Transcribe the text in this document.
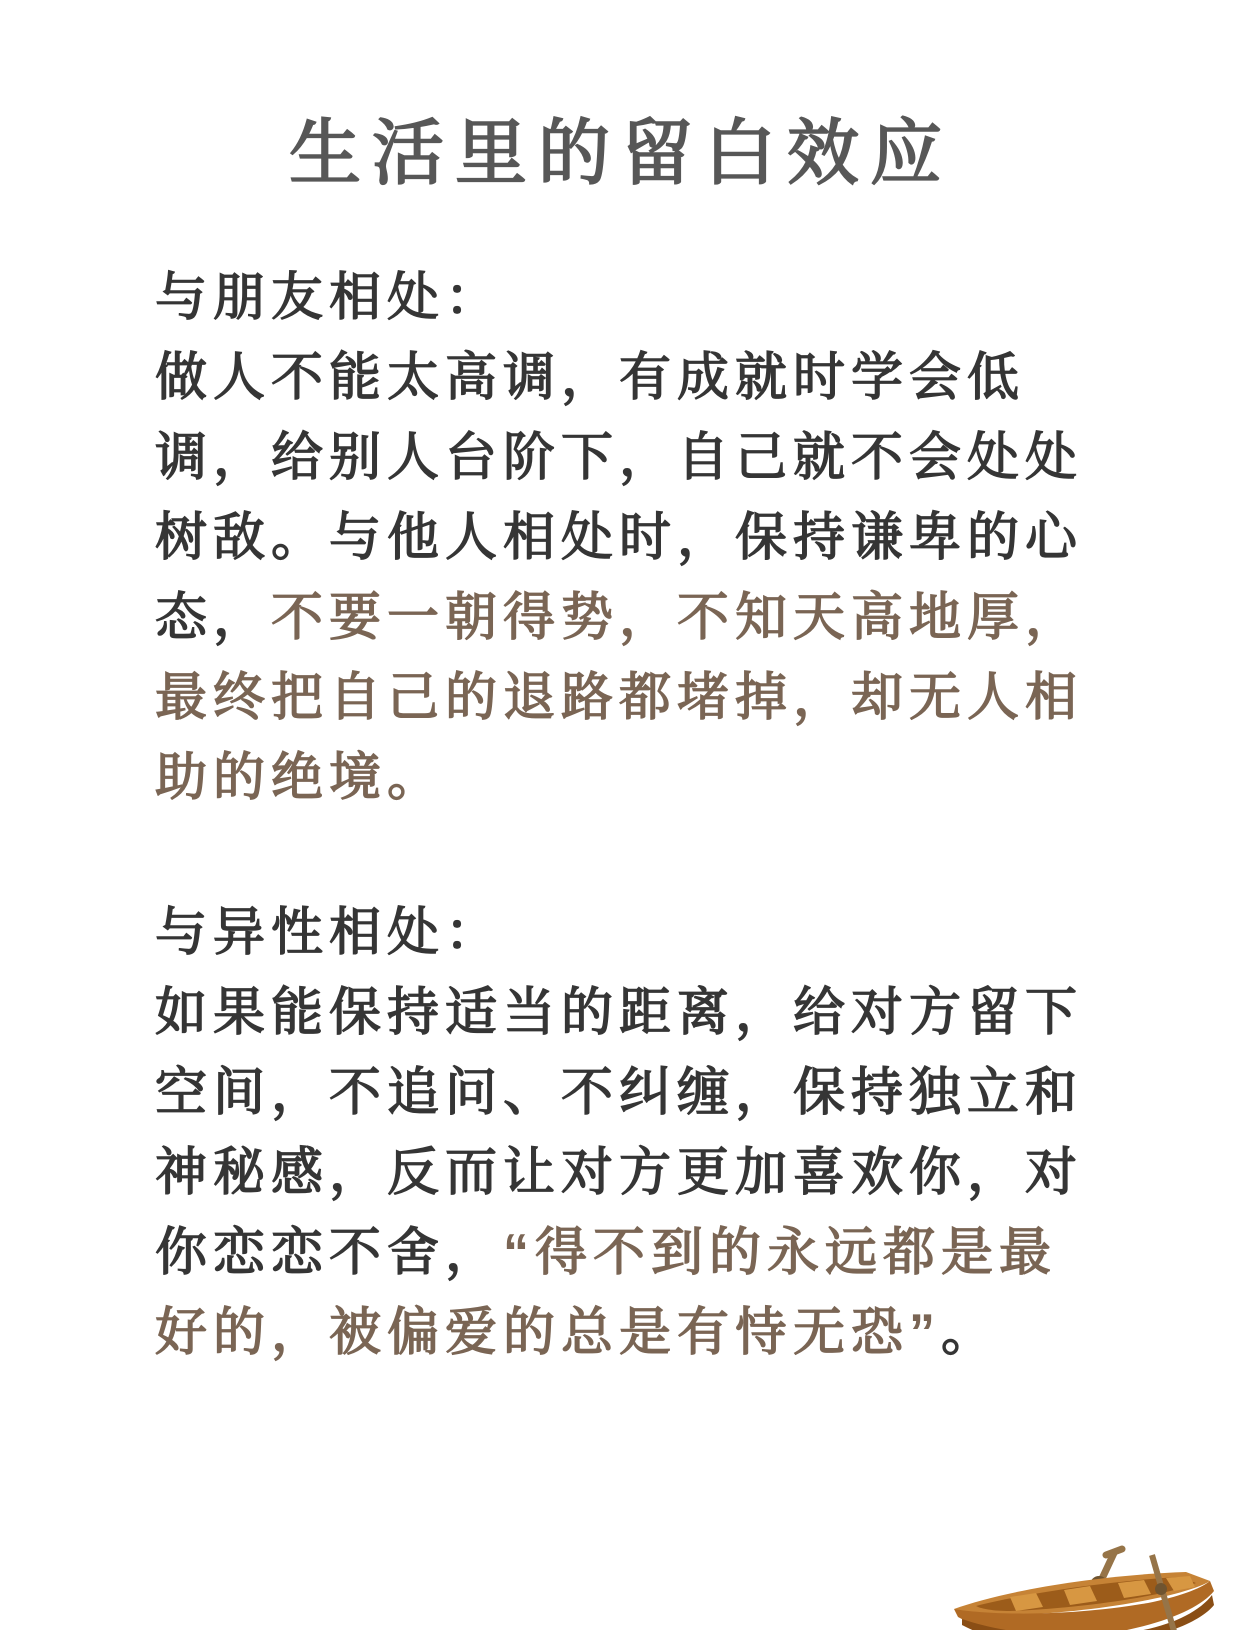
生活里的留白效应
与朋友相处：
做人不能太高调，有成就时学会低
调，给别人台阶下，自己就不会处处
树敌。与他人相处时，保持谦卑的心
态，不要一朝得势，不知天高地厚，
最终把自己的退路都堵掉，却无人相
助的绝境。
与异性相处：
如果能保持适当的距离，给对方留下
空间，不追问、不纠缠，保持独立和
神秘感，反而让对方更加喜欢你，对
你恋恋不舍，“得不到的永远都是最
好的，被偏爱的总是有恃无恐”。
